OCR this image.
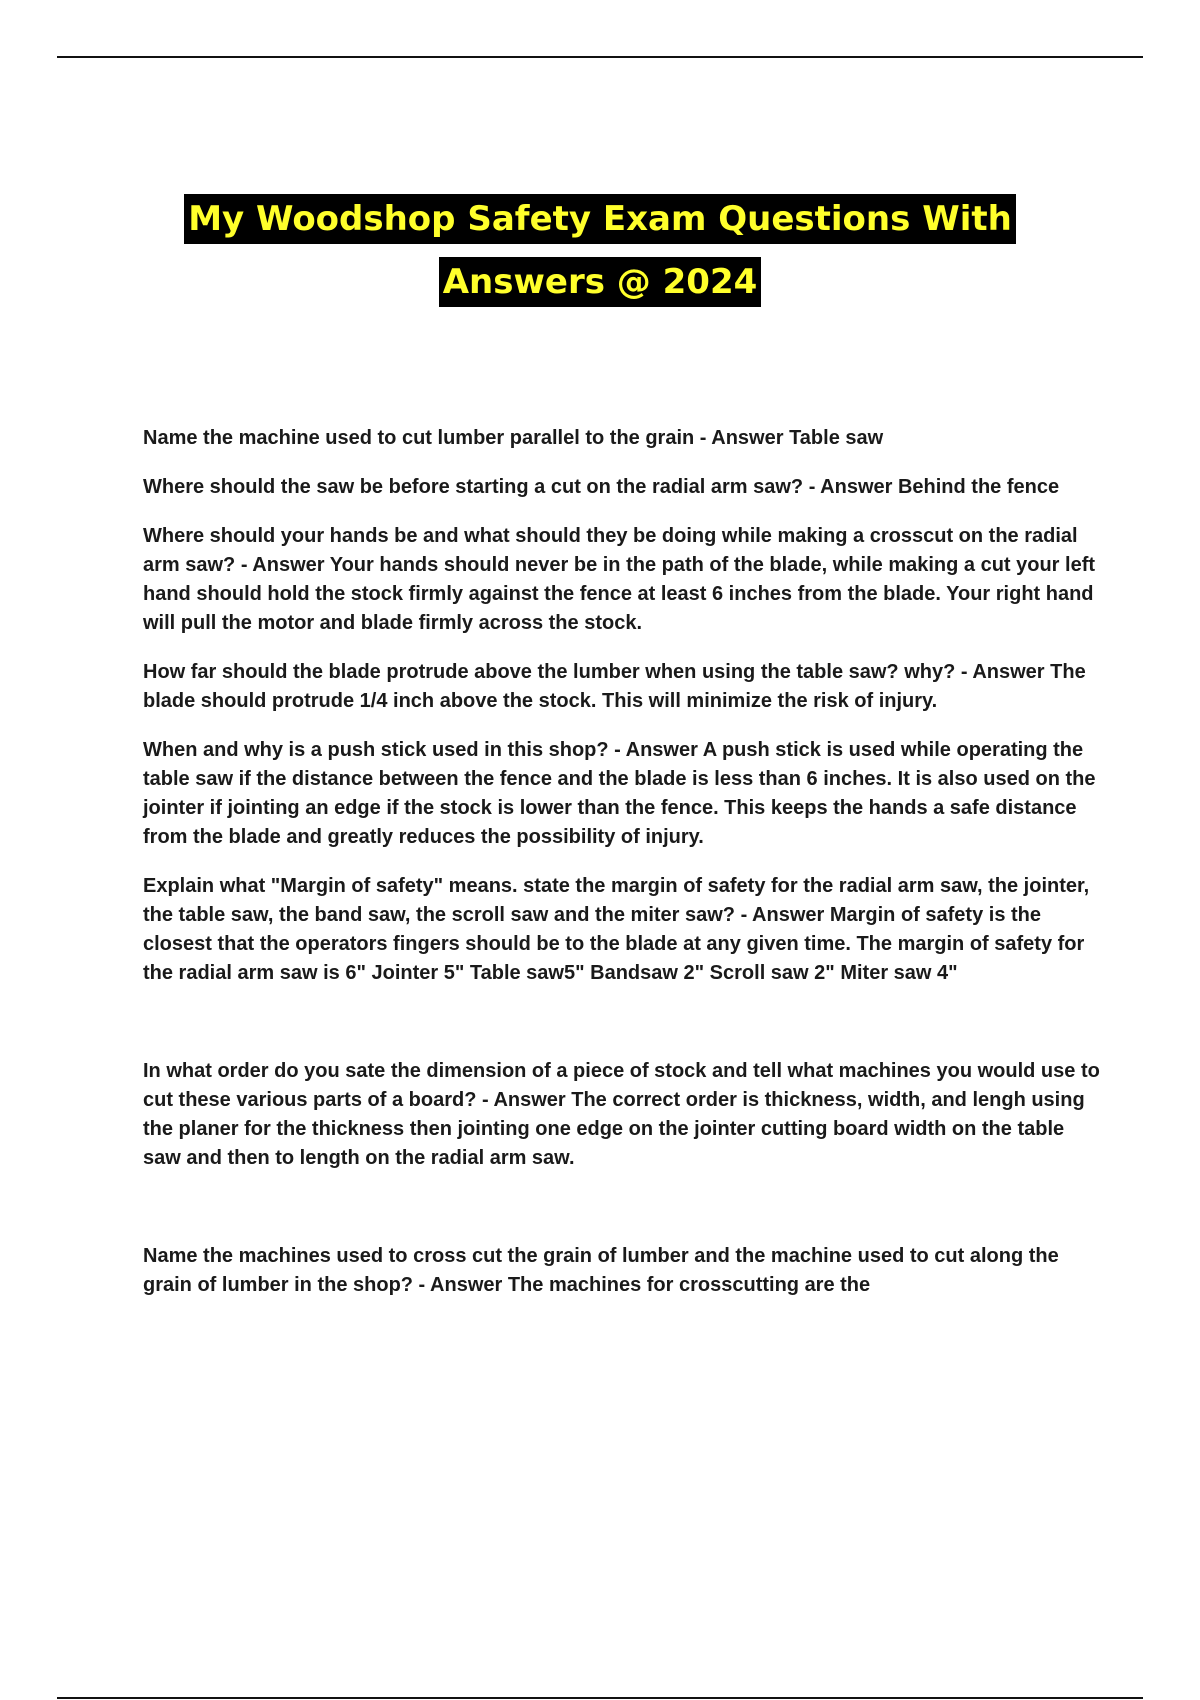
My Woodshop Safety Exam Questions With
Answers @ 2024

Name the machine used to cut lumber parallel to the grain - Answer Table saw

Where should the saw be before starting a cut on the radial arm saw? - Answer Behind the fence

Where should your hands be and what should they be doing while making a crosscut on the radial arm saw? - Answer Your hands should never be in the path of the blade, while making a cut your left hand should hold the stock firmly against the fence at least 6 inches from the blade. Your right hand will pull the motor and blade firmly across the stock.

How far should the blade protrude above the lumber when using the table saw? why? - Answer The blade should protrude 1/4 inch above the stock. This will minimize the risk of injury.

When and why is a push stick used in this shop? - Answer A push stick is used while operating the table saw if the distance between the fence and the blade is less than 6 inches. It is also used on the jointer if jointing an edge if the stock is lower than the fence. This keeps the hands a safe distance from the blade and greatly reduces the possibility of injury.

Explain what "Margin of safety" means. state the margin of safety for the radial arm saw, the jointer, the table saw, the band saw, the scroll saw and the miter saw? - Answer Margin of safety is the closest that the operators fingers should be to the blade at any given time. The margin of safety for the radial arm saw is 6" Jointer 5" Table saw5" Bandsaw 2" Scroll saw 2" Miter saw 4"

In what order do you sate the dimension of a piece of stock and tell what machines you would use to cut these various parts of a board? - Answer The correct order is thickness, width, and lengh using the planer for the thickness then jointing one edge on the jointer cutting board width on the table saw and then to length on the radial arm saw.

Name the machines used to cross cut the grain of lumber and the machine used to cut along the grain of lumber in the shop? - Answer The machines for crosscutting are the
